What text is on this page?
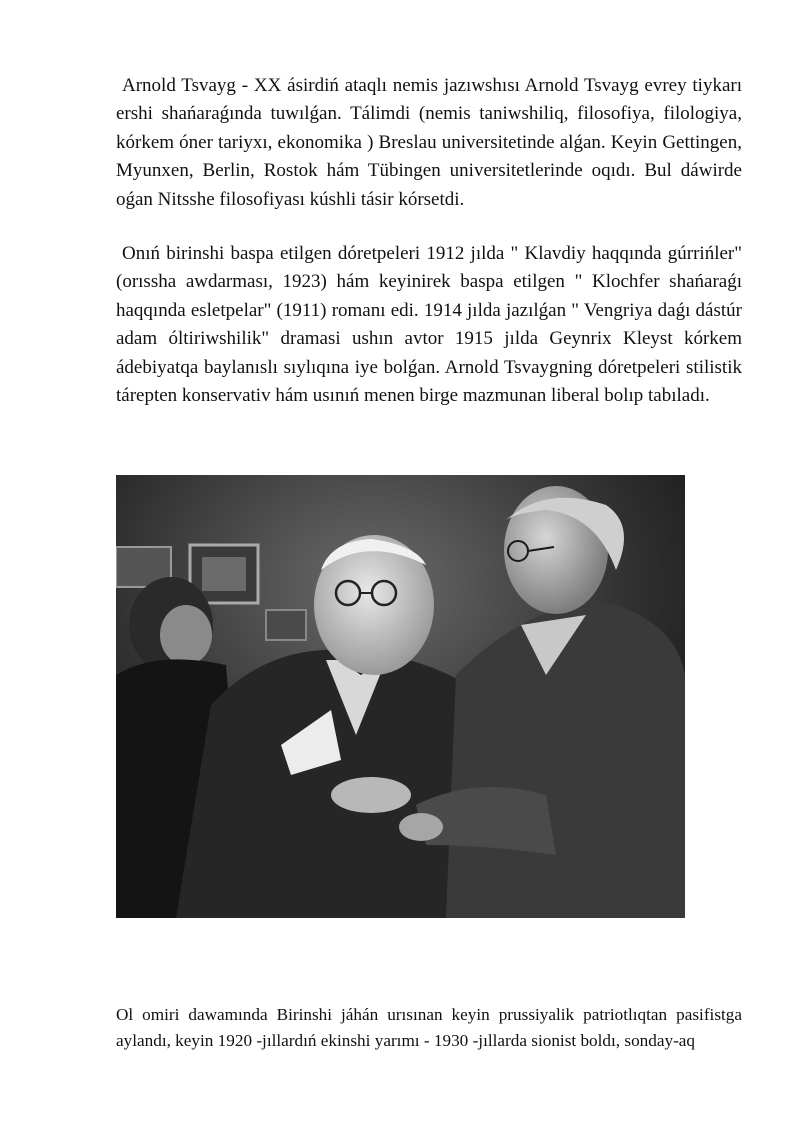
Arnold Tsvayg - XX ásirdiń ataqlı nemis jazıwshısı Arnold Tsvayg evrey tiykarı ershi shańaraǵında tuwılǵan. Tálimdi (nemis taniwshiliq, filosofiya, filologiya, kórkem óner tariyxı, ekonomika ) Breslau universitetinde alǵan. Keyin Gettingen, Myunxen, Berlin, Rostok hám Tübingen universitetlerinde oqıdı. Bul dáwirde oǵan Nitsshe filosofiyası kúshli tásir kórsetdi.

Onıń birinshi baspa etilgen dóretpeleri 1912 jılda " Klavdiy haqqında gúrrińler" (orıssha awdarması, 1923) hám keyinirek baspa etilgen " Klochfer shańaraǵı haqqında esletpelar" (1911) romanı edi. 1914 jılda jazılǵan " Vengriya daǵı dástúr adam óltiriwshilik" dramasi ushın avtor 1915 jılda Geynrix Kleyst kórkem ádebiyatqa baylanıslı sıylıqına iye bolǵan. Arnold Tsvaygning dóretpeleri stilistik tárepten konservativ hám usınıń menen birge mazmunan liberal bolıp tabıladı.

Ol omiri dawamında Birinshi jáhán urısınan keyin prussiyalik patriotlıqtan pasifistga aylandı, keyin 1920 -jıllardıń ekinshi yarımı - 1930 -jıllarda sionist boldı, sonday-aq
